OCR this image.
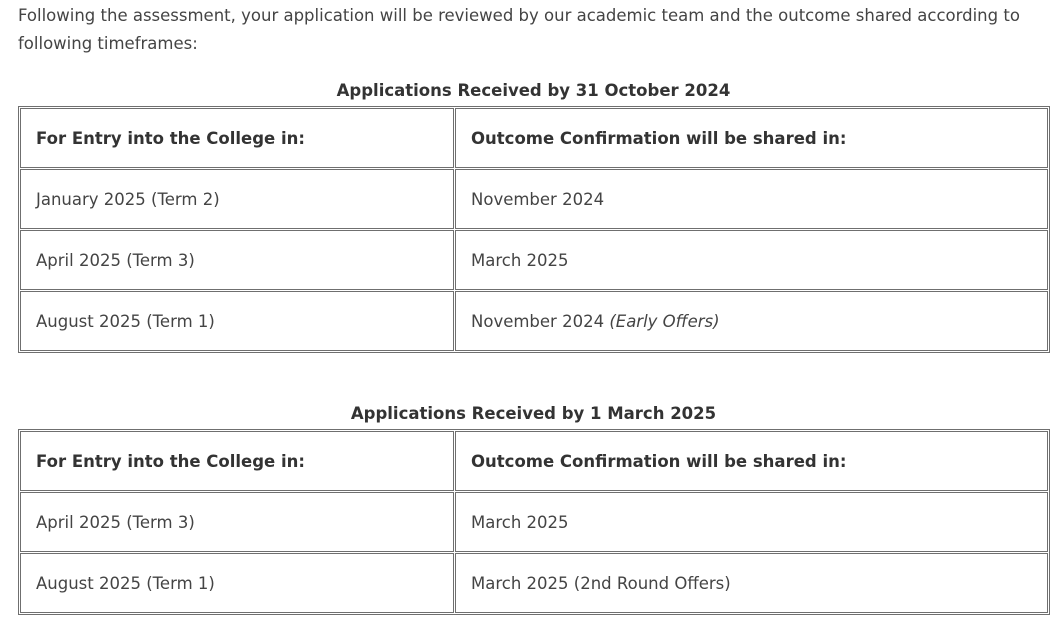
Following the assessment, your application will be reviewed by our academic team and the outcome shared according to
following timeframes:

Applications Received by 31 October 2024
For Entry into the College in:	Outcome Confirmation will be shared in:
January 2025 (Term 2)	November 2024
April 2025 (Term 3)	March 2025
August 2025 (Term 1)	November 2024 (Early Offers)
Applications Received by 1 March 2025
For Entry into the College in:	Outcome Confirmation will be shared in:
April 2025 (Term 3)	March 2025
August 2025 (Term 1)	March 2025 (2nd Round Offers)
